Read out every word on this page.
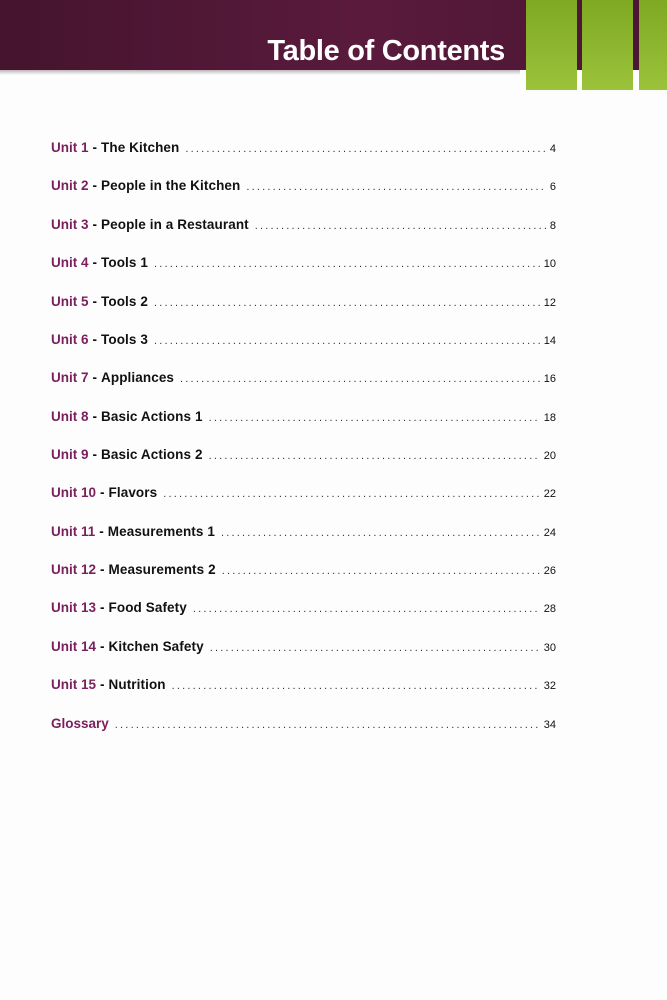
Table of Contents
Unit 1 - The Kitchen .....	4
Unit 2 - People in the Kitchen .....	6
Unit 3 - People in a Restaurant .....	8
Unit 4 - Tools 1 .....	10
Unit 5 - Tools 2 .....	12
Unit 6 - Tools 3 .....	14
Unit 7 - Appliances .....	16
Unit 8 - Basic Actions 1 .....	18
Unit 9 - Basic Actions 2 .....	20
Unit 10 - Flavors .....	22
Unit 11 - Measurements 1 .....	24
Unit 12 - Measurements 2 .....	26
Unit 13 - Food Safety .....	28
Unit 14 - Kitchen Safety .....	30
Unit 15 - Nutrition .....	32
Glossary .....	34
